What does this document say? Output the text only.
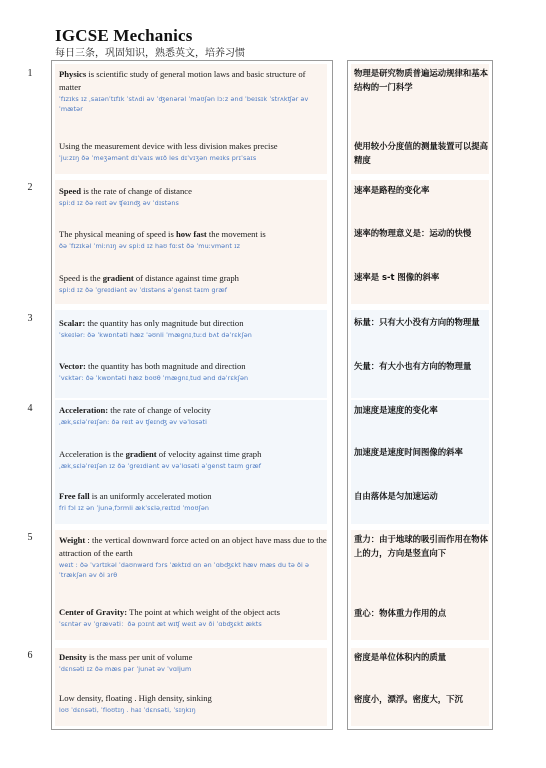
IGCSE Mechanics
每日三条，巩固知识，熟悉英文，培养习惯
1	Physics is scientific study of general motion laws and basic structure of matter
ˈfɪzɪks ɪz ˌsaɪənˈtɪfɪk ˈstʌdi əv ˈʤenərəl ˈməʊʃən lɔːz ənd ˈbeɪsɪk ˈstrʌkʧər əv ˈmætər
物理是研究物质普遍运动规律和基本结构的一门科学
Using the measurement device with less division makes precise
ˈjuːzɪŋ ðə ˈmeʒəmənt dɪˈvaɪs wɪð les dɪˈvɪʒən meɪks prɪˈsaɪs
使用较小分度值的测量装置可以提高精度
2	Speed is the rate of change of distance
spiːd ɪz ðə reɪt əv ʧeɪnʤ əv ˈdɪstəns
速率是路程的变化率
The physical meaning of speed is how fast the movement is
ðə ˈfɪzɪkəl ˈmiːnɪŋ əv spiːd ɪz haʊ fɑːst ðə ˈmuːvmənt ɪz
速率的物理意义是：运动的快慢
Speed is the gradient of distance against time graph
spiːd ɪz ðə ˈgreɪdiənt əv ˈdɪstəns əˈgenst taɪm græf
速率是 s-t 图像的斜率
3	Scalar: the quantity has only magnitude but direction
ˈskeɪlər: ðə ˈkwɒntəti hæz ˈəʊnli ˈmægnɪˌtuːd bʌt dəˈrɛkʃən
标量：只有大小没有方向的物理量
Vector: the quantity has both magnitude and direction
ˈvɛktər: ðə ˈkwɒntəti hæz boʊθ ˈmægnɪˌtud ənd dəˈrɛkʃən
矢量：有大小也有方向的物理量
4	Acceleration: the rate of change of velocity
ˌækˌsɛləˈreɪʃən: ðə reɪt əv ʧeɪnʤ əv vəˈlɑsəti
加速度是速度的变化率
Acceleration is the gradient of velocity against time graph
ˌækˌsɛləˈreɪʃən ɪz ðə ˈgreɪdiənt əv vəˈlɑsəti əˈgenst taɪm græf
加速度是速度时间图像的斜率
Free fall is an uniformly accelerated motion
fri fɔl ɪz ən ˈjunəˌfɔrmli ækˈsɛləˌreɪtɪd ˈmoʊʃən
自由落体是匀加速运动
5	Weight : the vertical downward force acted on an object have mass due to the attraction of the earth
weɪt : ðə ˈvɜrtɪkəl ˈdaʊnwərd fɔrs ˈæktɪd ɑn ən ˈɑbʤɛkt hæv mæs du tə ði əˈtrækʃən əv ði ɜrθ
重力：由于地球的吸引而作用在物体上的力，方向是竖直向下
Center of Gravity: The point at which weight of the object acts
ˈsɛntər əv ˈgrævəti：ðə pɔɪnt æt wɪʧ weɪt əv ði ˈɑbʤɛkt ækts
重心：物体重力作用的点
6	Density is the mass per unit of volume
ˈdɛnsəti ɪz ðə mæs pər ˈjunət əv ˈvɑljum
密度是单位体积内的质量
Low density, floating . High density, sinking
loʊ ˈdɛnsəti, ˈfloʊtɪŋ . haɪ ˈdɛnsəti, ˈsɪŋkɪŋ
密度小，漂浮。密度大，下沉
